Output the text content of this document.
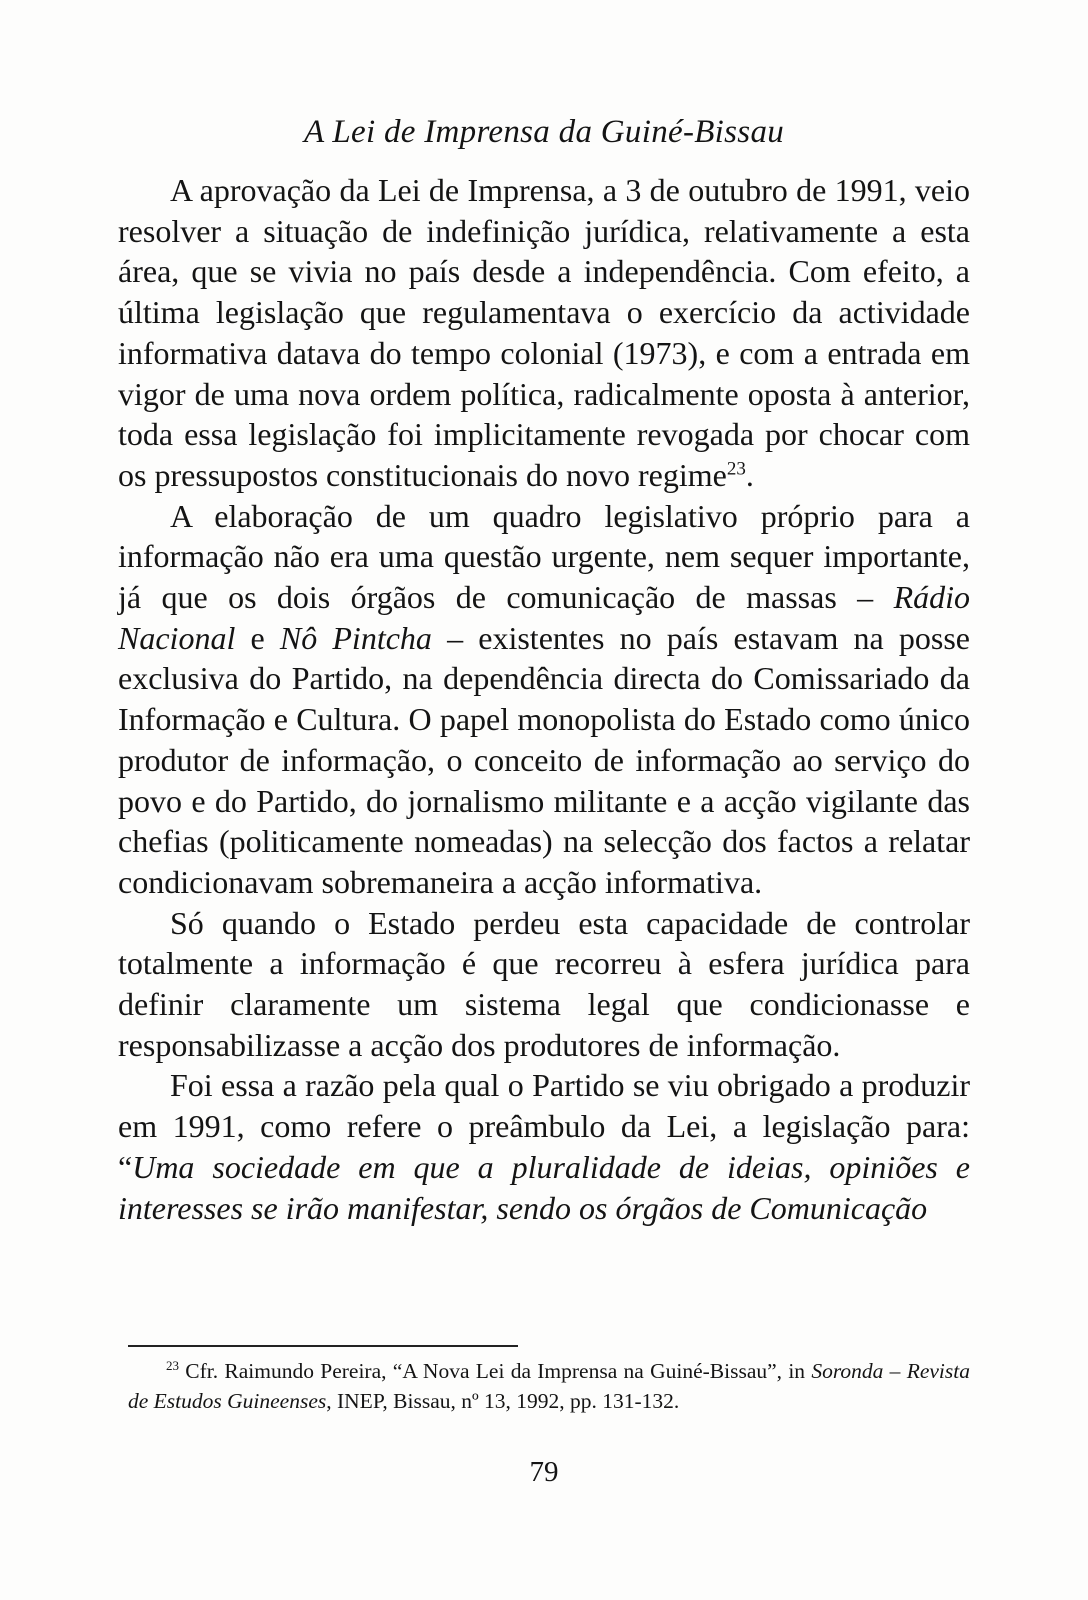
A Lei de Imprensa da Guiné-Bissau

A aprovação da Lei de Imprensa, a 3 de outubro de 1991, veio resolver a situação de indefinição jurídica, relativamente a esta área, que se vivia no país desde a independência. Com efeito, a última legislação que regulamentava o exercício da actividade informativa datava do tempo colonial (1973), e com a entrada em vigor de uma nova ordem política, radicalmente oposta à anterior, toda essa legislação foi implicitamente revogada por chocar com os pressupostos constitucionais do novo regime$^{23}$.

A elaboração de um quadro legislativo próprio para a informação não era uma questão urgente, nem sequer importante, já que os dois órgãos de comunicação de massas – Rádio Nacional e Nô Pintcha – existentes no país estavam na posse exclusiva do Partido, na dependência directa do Comissariado da Informação e Cultura. O papel monopolista do Estado como único produtor de informação, o conceito de informação ao serviço do povo e do Partido, do jornalismo militante e a acção vigilante das chefias (politicamente nomeadas) na selecção dos factos a relatar condicionavam sobremaneira a acção informativa.

Só quando o Estado perdeu esta capacidade de controlar totalmente a informação é que recorreu à esfera jurídica para definir claramente um sistema legal que condicionasse e responsabilizasse a acção dos produtores de informação.

Foi essa a razão pela qual o Partido se viu obrigado a produzir em 1991, como refere o preâmbulo da Lei, a legislação para: “Uma sociedade em que a pluralidade de ideias, opiniões e interesses se irão manifestar, sendo os órgãos de Comunicação

$^{23}$ Cfr. Raimundo Pereira, “A Nova Lei da Imprensa na Guiné-Bissau”, in Soronda – Revista de Estudos Guineenses, INEP, Bissau, nº 13, 1992, pp. 131-132.

79
